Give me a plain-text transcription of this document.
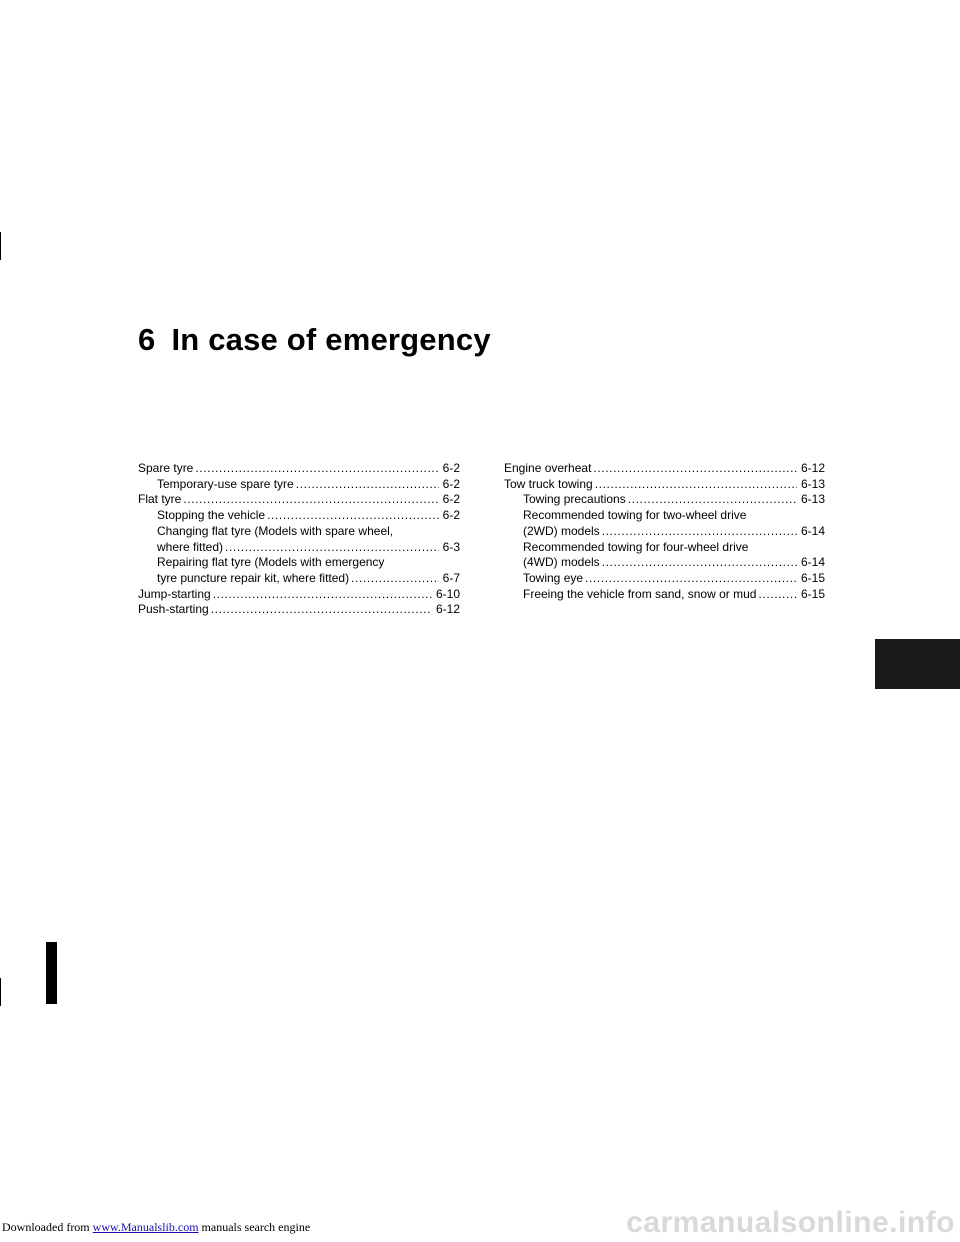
6 In case of emergency
Spare tyre .....	6-2
Temporary-use spare tyre .....	6-2
Flat tyre .....	6-2
Stopping the vehicle .....	6-2
Changing flat tyre (Models with spare wheel,
where fitted) .....	6-3
Repairing flat tyre (Models with emergency
tyre puncture repair kit, where fitted) .....	6-7
Jump-starting .....	6-10
Push-starting .....	6-12
Engine overheat .....	6-12
Tow truck towing .....	6-13
Towing precautions .....	6-13
Recommended towing for two-wheel drive
(2WD) models .....	6-14
Recommended towing for four-wheel drive
(4WD) models .....	6-14
Towing eye .....	6-15
Freeing the vehicle from sand, snow or mud .....	6-15
Downloaded from www.Manualslib.com manuals search engine	carmanualsonline.info
